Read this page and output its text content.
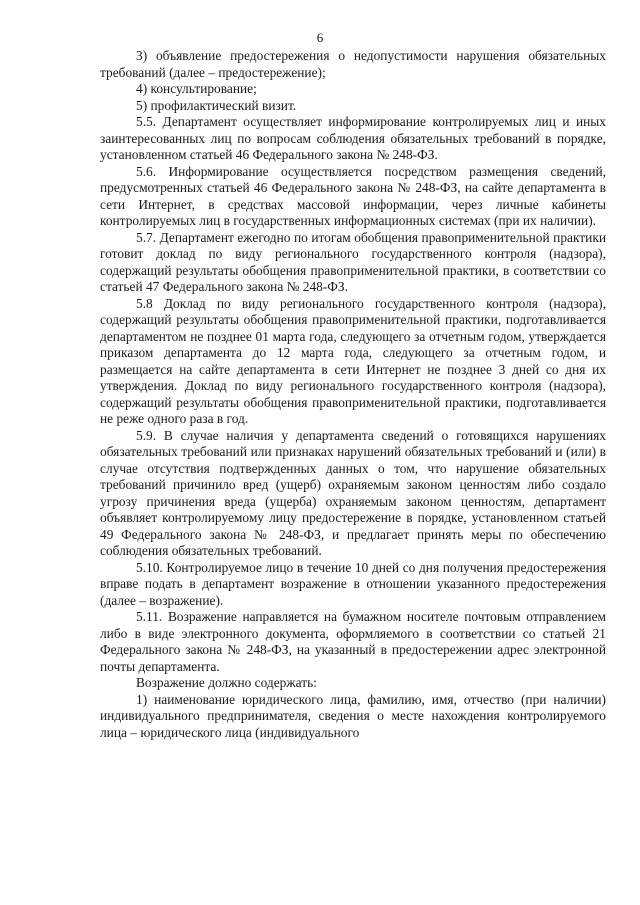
6

3) объявление предостережения о недопустимости нарушения обязательных требований (далее – предостережение);

4) консультирование;

5) профилактический визит.

5.5. Департамент осуществляет информирование контролируемых лиц и иных заинтересованных лиц по вопросам соблюдения обязательных требований в порядке, установленном статьей 46 Федерального закона № 248-ФЗ.

5.6. Информирование осуществляется посредством размещения сведений, предусмотренных статьей 46 Федерального закона № 248-ФЗ, на сайте департамента в сети Интернет, в средствах массовой информации, через личные кабинеты контролируемых лиц в государственных информационных системах (при их наличии).

5.7. Департамент ежегодно по итогам обобщения правоприменительной практики готовит доклад по виду регионального государственного контроля (надзора), содержащий результаты обобщения правоприменительной практики, в соответствии со статьей 47 Федерального закона № 248-ФЗ.

5.8 Доклад по виду регионального государственного контроля (надзора), содержащий результаты обобщения правоприменительной практики, подготавливается департаментом не позднее 01 марта года, следующего за отчетным годом, утверждается приказом департамента до 12 марта года, следующего за отчетным годом, и размещается на сайте департамента в сети Интернет не позднее 3 дней со дня их утверждения. Доклад по виду регионального государственного контроля (надзора), содержащий результаты обобщения правоприменительной практики, подготавливается не реже одного раза в год.

5.9. В случае наличия у департамента сведений о готовящихся нарушениях обязательных требований или признаках нарушений обязательных требований и (или) в случае отсутствия подтвержденных данных о том, что нарушение обязательных требований причинило вред (ущерб) охраняемым законом ценностям либо создало угрозу причинения вреда (ущерба) охраняемым законом ценностям, департамент объявляет контролируемому лицу предостережение в порядке, установленном статьей 49 Федерального закона № 248-ФЗ, и предлагает принять меры по обеспечению соблюдения обязательных требований.

5.10. Контролируемое лицо в течение 10 дней со дня получения предостережения вправе подать в департамент возражение в отношении указанного предостережения (далее – возражение).

5.11. Возражение направляется на бумажном носителе почтовым отправлением либо в виде электронного документа, оформляемого в соответствии со статьей 21 Федерального закона № 248-ФЗ, на указанный в предостережении адрес электронной почты департамента.

Возражение должно содержать:

1) наименование юридического лица, фамилию, имя, отчество (при наличии) индивидуального предпринимателя, сведения о месте нахождения контролируемого лица – юридического лица (индивидуального
